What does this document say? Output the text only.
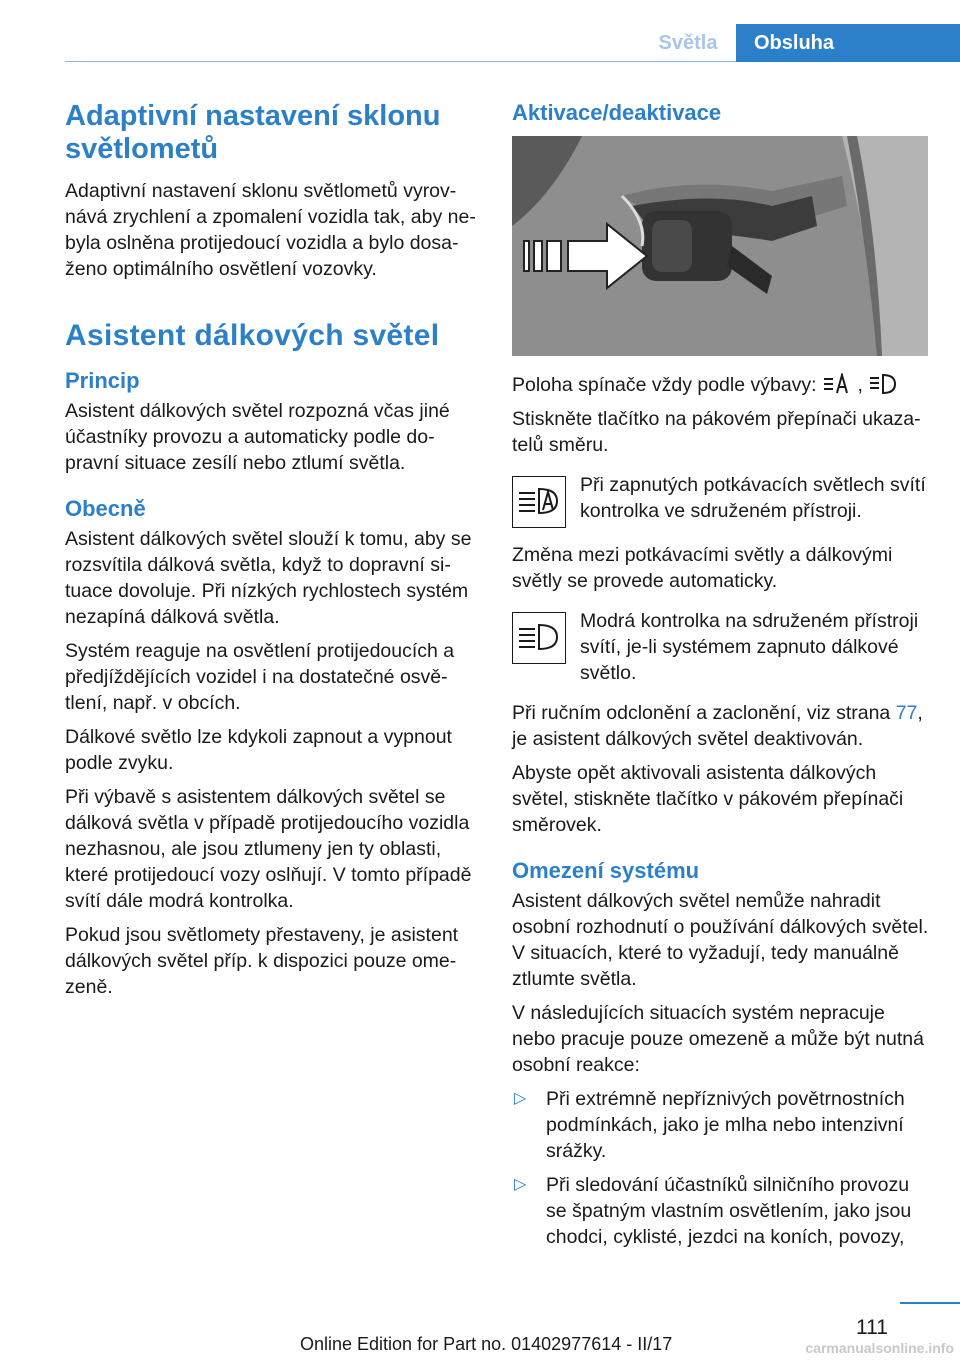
Světla	Obsluha
Adaptivní nastavení sklonu světlometů

Adaptivní nastavení sklonu světlometů vyrovnává zrychlení a zpomalení vozidla tak, aby nebyla oslněna protijedoucí vozidla a bylo dosaženo optimálního osvětlení vozovky.

Asistent dálkových světel
Princip

Asistent dálkových světel rozpozná včas jiné účastníky provozu a automaticky podle dopravní situace zesílí nebo ztlumí světla.

Obecně

Asistent dálkových světel slouží k tomu, aby se rozsvítila dálková světla, když to dopravní situace dovoluje. Při nízkých rychlostech systém nezapíná dálková světla.

Systém reaguje na osvětlení protijedoucích a předjíždějících vozidel i na dostatečné osvětlení, např. v obcích.

Dálkové světlo lze kdykoli zapnout a vypnout podle zvyku.

Při výbavě s asistentem dálkových světel se dálková světla v případě protijedoucího vozidla nezhasnou, ale jsou ztlumeny jen ty oblasti, které protijedoucí vozy oslňují. V tomto případě svítí dále modrá kontrolka.

Pokud jsou světlomety přestaveny, je asistent dálkových světel příp. k dispozici pouze omezeně.

Aktivace/deaktivace

Poloha spínače vždy podle výbavy: ,

Stiskněte tlačítko na pákovém přepínači ukazatelů směru.

Při zapnutých potkávacích světlech svítí kontrolka ve sdruženém přístroji.

Změna mezi potkávacími světly a dálkovými světly se provede automaticky.

Modrá kontrolka na sdruženém přístroji svítí, je-li systémem zapnuto dálkové světlo.

Při ručním odclonění a zaclonění, viz strana 77, je asistent dálkových světel deaktivován.

Abyste opět aktivovali asistenta dálkových světel, stiskněte tlačítko v pákovém přepínači směrovek.

Omezení systému

Asistent dálkových světel nemůže nahradit osobní rozhodnutí o používání dálkových světel. V situacích, které to vyžadují, tedy manuálně ztlumte světla.

V následujících situacích systém nepracuje nebo pracuje pouze omezeně a může být nutná osobní reakce:

▷ Při extrémně nepříznivých povětrnostních podmínkách, jako je mlha nebo intenzivní srážky.
▷ Při sledování účastníků silničního provozu se špatným vlastním osvětlením, jako jsou chodci, cyklisté, jezdci na koních, povozy,
111
Online Edition for Part no. 01402977614 - II/17	carmanualsonline.info
